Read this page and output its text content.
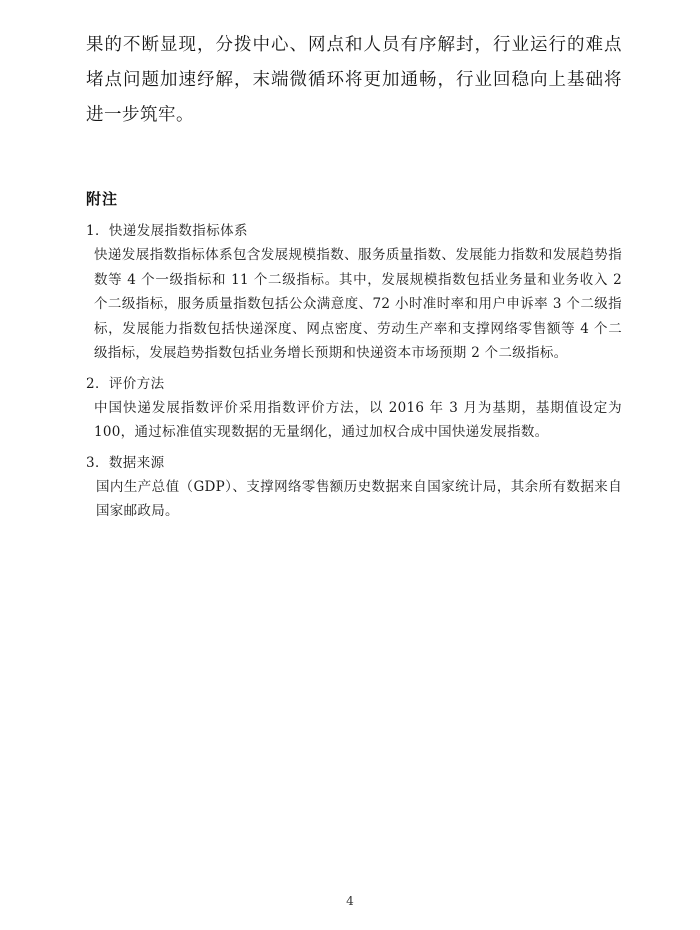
果的不断显现，分拨中心、网点和人员有序解封，行业运行的难点堵点问题加速纾解，末端微循环将更加通畅，行业回稳向上基础将进一步筑牢。

附注

1．快递发展指数指标体系

快递发展指数指标体系包含发展规模指数、服务质量指数、发展能力指数和发展趋势指数等 4 个一级指标和 11 个二级指标。其中，发展规模指数包括业务量和业务收入 2 个二级指标，服务质量指数包括公众满意度、72 小时准时率和用户申诉率 3 个二级指标，发展能力指数包括快递深度、网点密度、劳动生产率和支撑网络零售额等 4 个二级指标，发展趋势指数包括业务增长预期和快递资本市场预期 2 个二级指标。

2．评价方法

中国快递发展指数评价采用指数评价方法，以 2016 年 3 月为基期，基期值设定为 100，通过标准值实现数据的无量纲化，通过加权合成中国快递发展指数。

3．数据来源

国内生产总值（GDP）、支撑网络零售额历史数据来自国家统计局，其余所有数据来自国家邮政局。

4
